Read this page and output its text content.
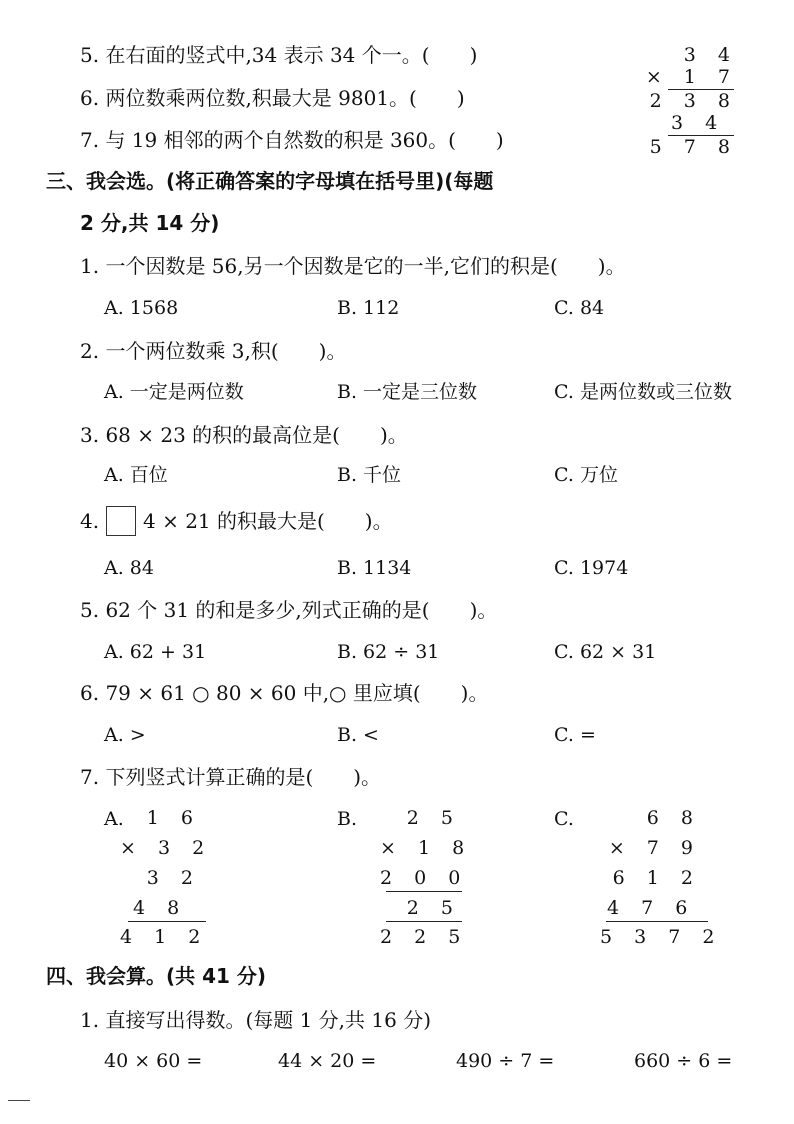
5. 在右面的竖式中,34 表示 34 个一。(　　)
6. 两位数乘两位数,积最大是 9801。(　　)
7. 与 19 相邻的两个自然数的积是 360。(　　)
3 4
× 1 7
2 3 8
3 4
5 7 8
三、我会选。(将正确答案的字母填在括号里)(每题
2 分,共 14 分)
1. 一个因数是 56,另一个因数是它的一半,它们的积是(　　)。
A. 1568	B. 112	C. 84
2. 一个两位数乘 3,积(　　)。
A. 一定是两位数	B. 一定是三位数	C. 是两位数或三位数
3. 68 × 23 的积的最高位是(　　)。
A. 百位	B. 千位	C. 万位
4. 4 × 21 的积最大是(　　)。
A. 84	B. 1134	C. 1974
5. 62 个 31 的和是多少,列式正确的是(　　)。
A. 62 + 31	B. 62 ÷ 31	C. 62 × 31
6. 79 × 61 ○ 80 × 60 中,○ 里应填(　　)。
A. >	B. <	C. =
7. 下列竖式计算正确的是(　　)。
A.	1 6
× 3 2
3 2
4 8
4 1 2
B.	2 5
× 1 8
2 0 0
2 5
2 2 5
C.	6 8
× 7 9
6 1 2
4 7 6
5 3 7 2
四、我会算。(共 41 分)
1. 直接写出得数。(每题 1 分,共 16 分)
40 × 60 =	44 × 20 =	490 ÷ 7 =	660 ÷ 6 =
